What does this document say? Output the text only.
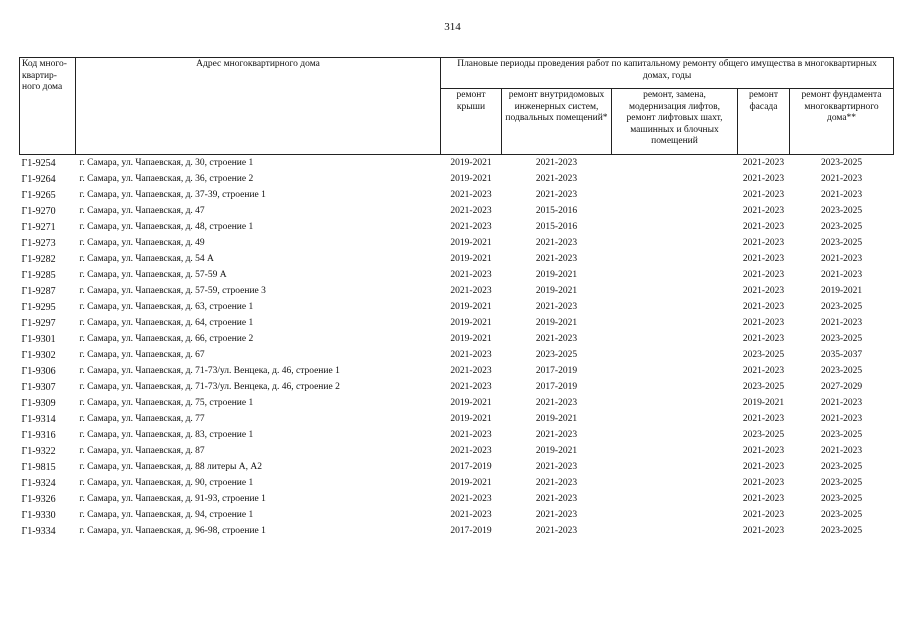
314
Код много-квартир-ного дома	Адрес многоквартирного дома	Плановые периоды проведения работ по капитальному ремонту общего имущества в многоквартирных домах, годы				
		ремонт крыши	ремонт внутридомовых инженерных систем, подвальных помещений*	ремонт, замена, модернизация лифтов, ремонт лифтовых шахт, машинных и блочных помещений	ремонт фасада	ремонт фундамента многоквартирного дома**
Г1-9254	г. Самара, ул. Чапаевская, д. 30, строение 1	2019-2021	2021-2023		2021-2023	2023-2025
Г1-9264	г. Самара, ул. Чапаевская, д. 36, строение 2	2019-2021	2021-2023		2021-2023	2021-2023
Г1-9265	г. Самара, ул. Чапаевская, д. 37-39, строение 1	2021-2023	2021-2023		2021-2023	2021-2023
Г1-9270	г. Самара, ул. Чапаевская, д. 47	2021-2023	2015-2016		2021-2023	2023-2025
Г1-9271	г. Самара, ул. Чапаевская, д. 48, строение 1	2021-2023	2015-2016		2021-2023	2023-2025
Г1-9273	г. Самара, ул. Чапаевская, д. 49	2019-2021	2021-2023		2021-2023	2023-2025
Г1-9282	г. Самара, ул. Чапаевская, д. 54 А	2019-2021	2021-2023		2021-2023	2021-2023
Г1-9285	г. Самара, ул. Чапаевская, д. 57-59 А	2021-2023	2019-2021		2021-2023	2021-2023
Г1-9287	г. Самара, ул. Чапаевская, д. 57-59, строение 3	2021-2023	2019-2021		2021-2023	2019-2021
Г1-9295	г. Самара, ул. Чапаевская, д. 63, строение 1	2019-2021	2021-2023		2021-2023	2023-2025
Г1-9297	г. Самара, ул. Чапаевская, д. 64, строение 1	2019-2021	2019-2021		2021-2023	2021-2023
Г1-9301	г. Самара, ул. Чапаевская, д. 66, строение 2	2019-2021	2021-2023		2021-2023	2023-2025
Г1-9302	г. Самара, ул. Чапаевская, д. 67	2021-2023	2023-2025		2023-2025	2035-2037
Г1-9306	г. Самара, ул. Чапаевская, д. 71-73/ул. Венцека, д. 46, строение 1	2021-2023	2017-2019		2021-2023	2023-2025
Г1-9307	г. Самара, ул. Чапаевская, д. 71-73/ул. Венцека, д. 46, строение 2	2021-2023	2017-2019		2023-2025	2027-2029
Г1-9309	г. Самара, ул. Чапаевская, д. 75, строение 1	2019-2021	2021-2023		2019-2021	2021-2023
Г1-9314	г. Самара, ул. Чапаевская, д. 77	2019-2021	2019-2021		2021-2023	2021-2023
Г1-9316	г. Самара, ул. Чапаевская, д. 83, строение 1	2021-2023	2021-2023		2023-2025	2023-2025
Г1-9322	г. Самара, ул. Чапаевская, д. 87	2021-2023	2019-2021		2021-2023	2021-2023
Г1-9815	г. Самара, ул. Чапаевская, д. 88 литеры А, А2	2017-2019	2021-2023		2021-2023	2023-2025
Г1-9324	г. Самара, ул. Чапаевская, д. 90, строение 1	2019-2021	2021-2023		2021-2023	2023-2025
Г1-9326	г. Самара, ул. Чапаевская, д. 91-93, строение 1	2021-2023	2021-2023		2021-2023	2023-2025
Г1-9330	г. Самара, ул. Чапаевская, д. 94, строение 1	2021-2023	2021-2023		2021-2023	2023-2025
Г1-9334	г. Самара, ул. Чапаевская, д. 96-98, строение 1	2017-2019	2021-2023		2021-2023	2023-2025
